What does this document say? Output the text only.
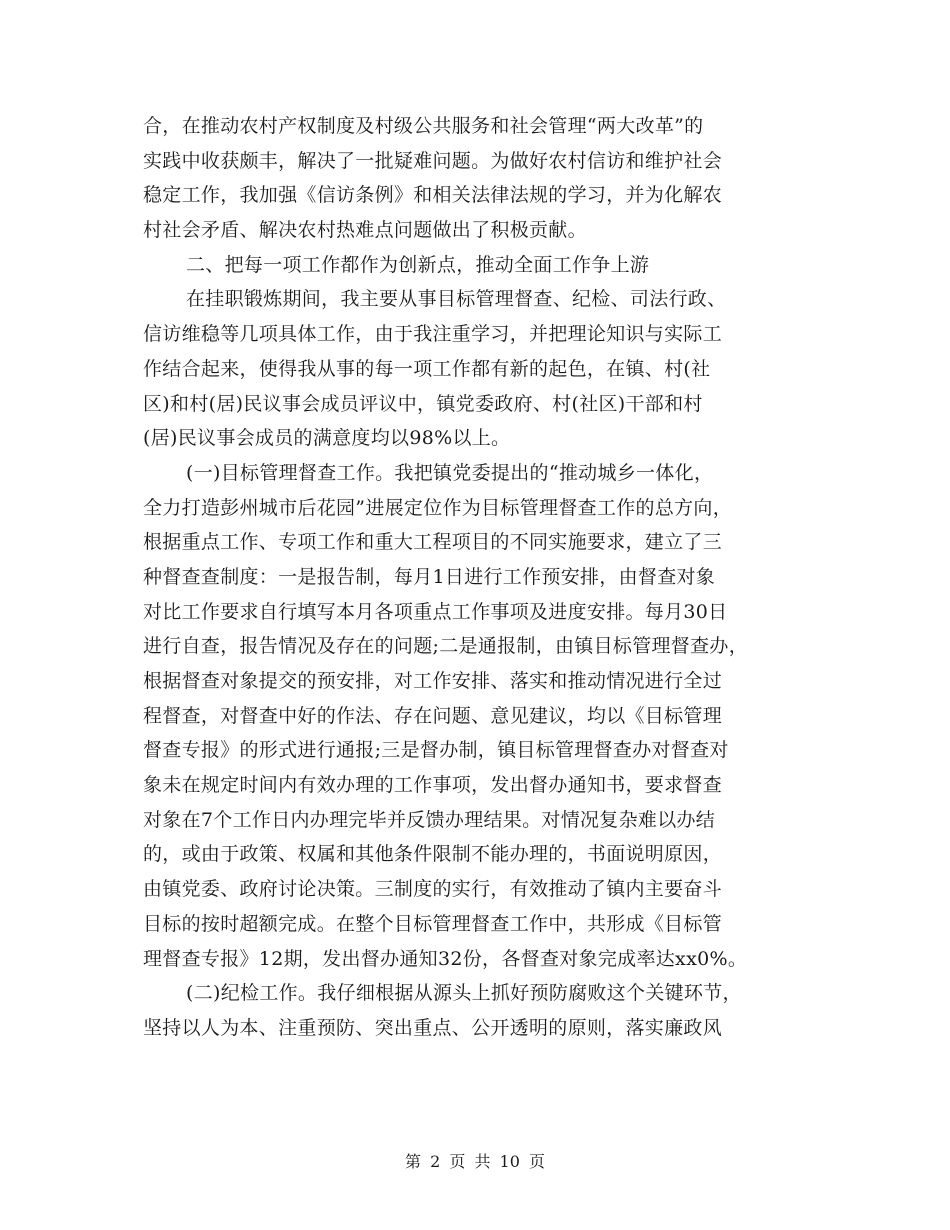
合，在推动农村产权制度及村级公共服务和社会管理“两大改革”的
实践中收获颇丰，解决了一批疑难问题。为做好农村信访和维护社会
稳定工作，我加强《信访条例》和相关法律法规的学习，并为化解农
村社会矛盾、解决农村热难点问题做出了积极贡献。
二、把每一项工作都作为创新点，推动全面工作争上游
在挂职锻炼期间，我主要从事目标管理督查、纪检、司法行政、
信访维稳等几项具体工作，由于我注重学习，并把理论知识与实际工
作结合起来，使得我从事的每一项工作都有新的起色，在镇、村(社
区)和村(居)民议事会成员评议中，镇党委政府、村(社区)干部和村
(居)民议事会成员的满意度均以98%以上。
(一)目标管理督查工作。我把镇党委提出的“推动城乡一体化，
全力打造彭州城市后花园”进展定位作为目标管理督查工作的总方向，
根据重点工作、专项工作和重大工程项目的不同实施要求，建立了三
种督查查制度：一是报告制，每月1日进行工作预安排，由督查对象
对比工作要求自行填写本月各项重点工作事项及进度安排。每月30日
进行自查，报告情况及存在的问题;二是通报制，由镇目标管理督查办，
根据督查对象提交的预安排，对工作安排、落实和推动情况进行全过
程督查，对督查中好的作法、存在问题、意见建议，均以《目标管理
督查专报》的形式进行通报;三是督办制，镇目标管理督查办对督查对
象未在规定时间内有效办理的工作事项，发出督办通知书，要求督查
对象在7个工作日内办理完毕并反馈办理结果。对情况复杂难以办结
的，或由于政策、权属和其他条件限制不能办理的，书面说明原因，
由镇党委、政府讨论决策。三制度的实行，有效推动了镇内主要奋斗
目标的按时超额完成。在整个目标管理督查工作中，共形成《目标管
理督查专报》12期，发出督办通知32份，各督查对象完成率达xx0%。
(二)纪检工作。我仔细根据从源头上抓好预防腐败这个关键环节，
坚持以人为本、注重预防、突出重点、公开透明的原则，落实廉政风
第 2 页 共 10 页
